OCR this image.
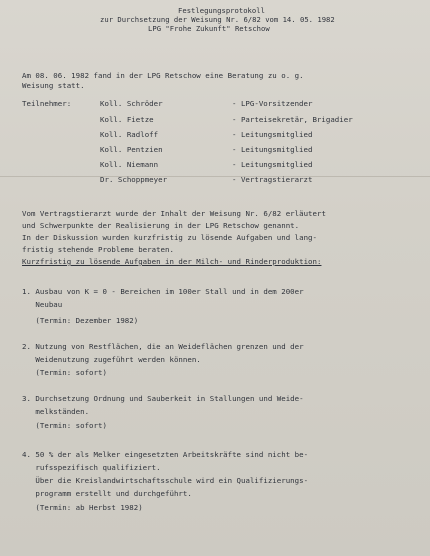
Festlegungsprotokoll
zur Durchsetzung der Weisung Nr. 6/82 vom 14. 05. 1982
LPG "Frohe Zukunft" Retschow
Am 08. 06. 1982 fand in der LPG Retschow eine Beratung zu o. g.
Weisung statt.
Teilnehmer:	Koll. Schröder	- LPG-Vorsitzender
Koll. Fietze	- Parteisekretär, Brigadier
Koll. Radloff	- Leitungsmitglied
Koll. Pentzien	- Leitungsmitglied
Koll. Niemann	- Leitungsmitglied
Dr. Schoppmeyer	- Vertragstierarzt
Vom Vertragstierarzt wurde der Inhalt der Weisung Nr. 6/82 erläutert
und Schwerpunkte der Realisierung in der LPG Retschow genannt.
In der Diskussion wurden kurzfristig zu lösende Aufgaben und lang-
fristig stehende Probleme beraten.
Kurzfristig zu lösende Aufgaben in der Milch- und Rinderproduktion:
1. Ausbau von K = 0 - Bereichen im 100er Stall und in dem 200er
Neubau
(Termin: Dezember 1982)
2. Nutzung von Restflächen, die an Weideflächen grenzen und der
Weidenutzung zugeführt werden können.
(Termin: sofort)
3. Durchsetzung Ordnung und Sauberkeit in Stallungen und Weide-
melkständen.
(Termin: sofort)
4. 50 % der als Melker eingesetzten Arbeitskräfte sind nicht be-
rufsspezifisch qualifiziert.
Über die Kreislandwirtschaftsschule wird ein Qualifizierungs-
programm erstellt und durchgeführt.
(Termin: ab Herbst 1982)
